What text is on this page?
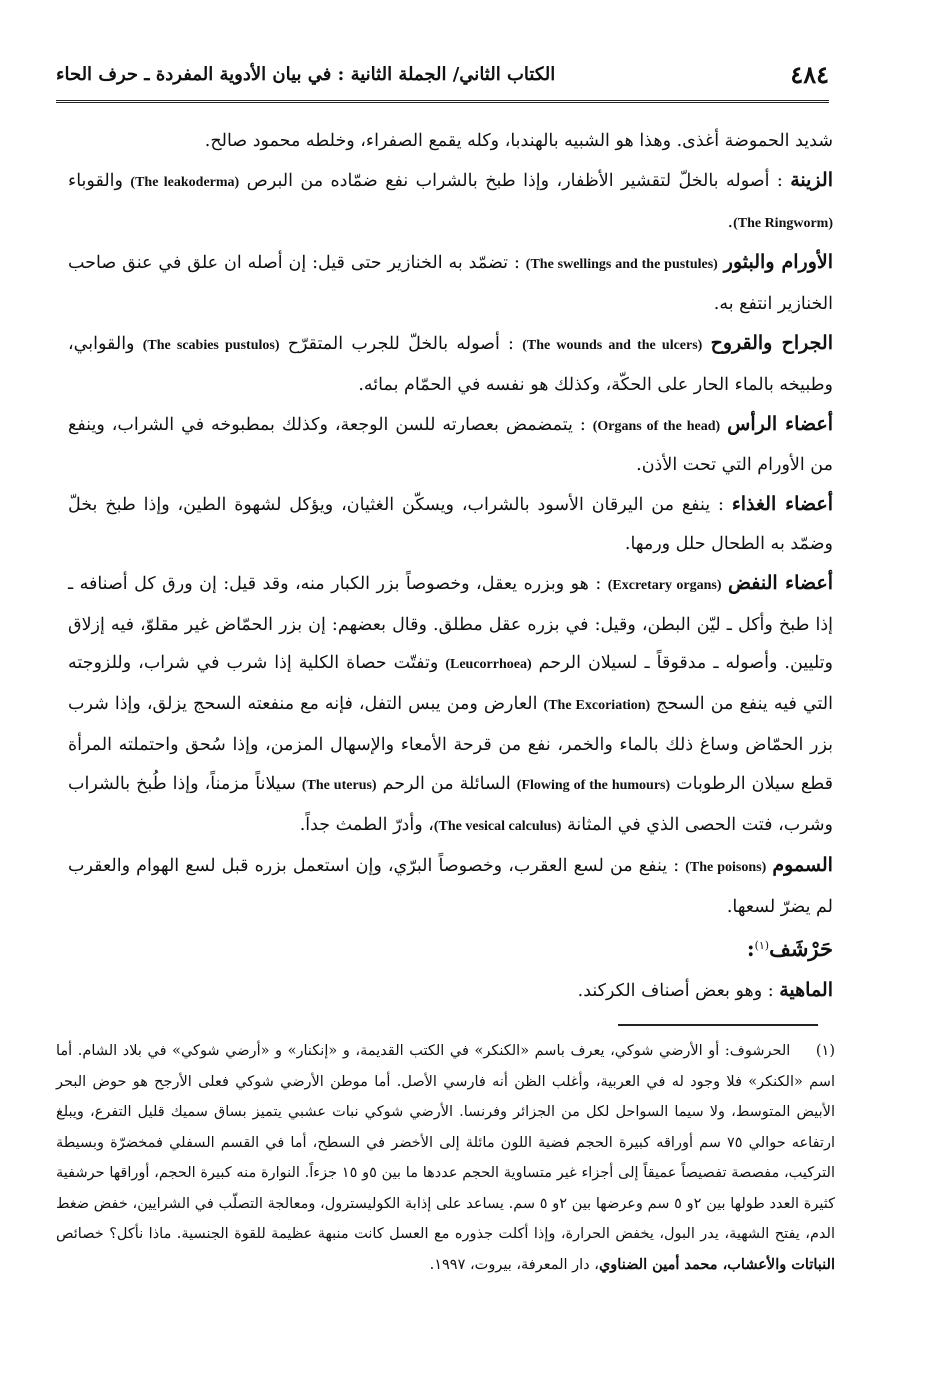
٤٨٤
الكتاب الثاني/ الجملة الثانية : في بيان الأدوية المفردة ـ حرف الحاء

شديد الحموضة أغذى. وهذا هو الشبيه بالهندبا، وكله يقمع الصفراء، وخلطه محمود صالح.

الزينة : أصوله بالخلّ لتقشير الأظفار، وإذا طبخ بالشراب نفع ضمّاده من البرص (The leakoderma) والقوباء (The Ringworm).

الأورام والبثور (The swellings and the pustules) : تضمّد به الخنازير حتى قيل: إن أصله ان علق في عنق صاحب الخنازير انتفع به.

الجراح والقروح (The wounds and the ulcers) : أصوله بالخلّ للجرب المتقرّح (The scabies pustulos) والقوابي، وطبيخه بالماء الحار على الحكّة، وكذلك هو نفسه في الحمّام بمائه.

أعضاء الرأس (Organs of the head) : يتمضمض بعصارته للسن الوجعة، وكذلك بمطبوخه في الشراب، وينفع من الأورام التي تحت الأذن.

أعضاء الغذاء : ينفع من اليرقان الأسود بالشراب، ويسكّن الغثيان، ويؤكل لشهوة الطين، وإذا طبخ بخلّ وضمّد به الطحال حلل ورمها.

أعضاء النفض (Excretary organs) : هو وبزره يعقل، وخصوصاً بزر الكبار منه، وقد قيل: إن ورق كل أصنافه ـ إذا طبخ وأكل ـ ليّن البطن، وقيل: في بزره عقل مطلق. وقال بعضهم: إن بزر الحمّاض غير مقلوّ، فيه إزلاق وتليين. وأصوله ـ مدقوقاً ـ لسيلان الرحم (Leucorrhoea) وتفتّت حصاة الكلية إذا شرب في شراب، وللزوجته التي فيه ينفع من السحج (The Excoriation) العارض ومن يبس التفل، فإنه مع منفعته السحج يزلق، وإذا شرب بزر الحمّاض وساغ ذلك بالماء والخمر، نفع من قرحة الأمعاء والإسهال المزمن، وإذا سُحق واحتملته المرأة قطع سيلان الرطوبات (Flowing of the humours) السائلة من الرحم (The uterus) سيلاناً مزمناً، وإذا طُبخ بالشراب وشرب، فتت الحصى الذي في المثانة (The vesical calculus)، وأدرّ الطمث جداً.

السموم (The poisons) : ينفع من لسع العقرب، وخصوصاً البرّي، وإن استعمل بزره قبل لسع الهوام والعقرب لم يضرّ لسعها.

حَرْشَف$^{(١)}$:

الماهية : وهو بعض أصناف الكركند.

(١) الحرشوف: أو الأرضي شوكي، يعرف باسم «الكنكر» في الكتب القديمة، و «إنكنار» و «أرضي شوكي» في بلاد الشام. أما اسم «الكنكر» فلا وجود له في العربية، وأغلب الظن أنه فارسي الأصل. أما موطن الأرضي شوكي فعلى الأرجح هو حوض البحر الأبيض المتوسط، ولا سيما السواحل لكل من الجزائر وفرنسا. الأرضي شوكي نبات عشبي يتميز بساق سميك قليل التفرع، ويبلغ ارتفاعه حوالي ٧٥ سم أوراقه كبيرة الحجم فضية اللون مائلة إلى الأخضر في السطح، أما في القسم السفلي فمخضرّة وبسيطة التركيب، مفصصة تفصيصاً عميقاً إلى أجزاء غير متساوية الحجم عددها ما بين ٥و ١٥ جزءاً. النوارة منه كبيرة الحجم، أوراقها حرشفية كثيرة العدد طولها بين ٢و ٥ سم وعرضها بين ٢و ٥ سم. يساعد على إذابة الكوليسترول، ومعالجة التصلّب في الشرايين، خفض ضغط الدم، يفتح الشهية، يدر البول، يخفض الحرارة، وإذا أكلت جذوره مع العسل كانت منبهة عظيمة للقوة الجنسية. ماذا نأكل؟ خصائص النباتات والأعشاب، محمد أمين الضناوي، دار المعرفة، بيروت، ١٩٩٧.
